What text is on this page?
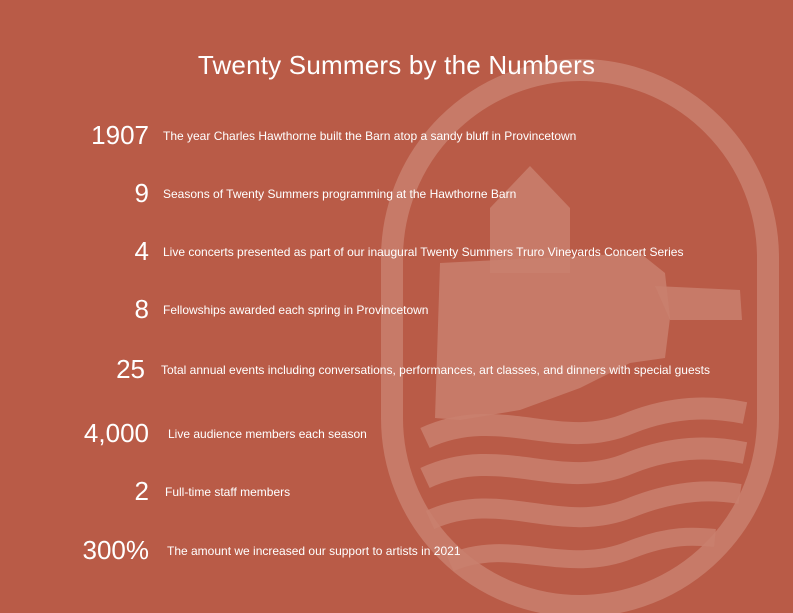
Twenty Summers by the Numbers
1907 The year Charles Hawthorne built the Barn atop a sandy bluff in Provincetown
9 Seasons of Twenty Summers programming at the Hawthorne Barn
4 Live concerts presented as part of our inaugural Twenty Summers Truro Vineyards Concert Series
8 Fellowships awarded each spring in Provincetown
25 Total annual events including conversations, performances, art classes, and dinners with special guests
4,000 Live audience members each season
2 Full-time staff members
300% The amount we increased our support to artists in 2021
